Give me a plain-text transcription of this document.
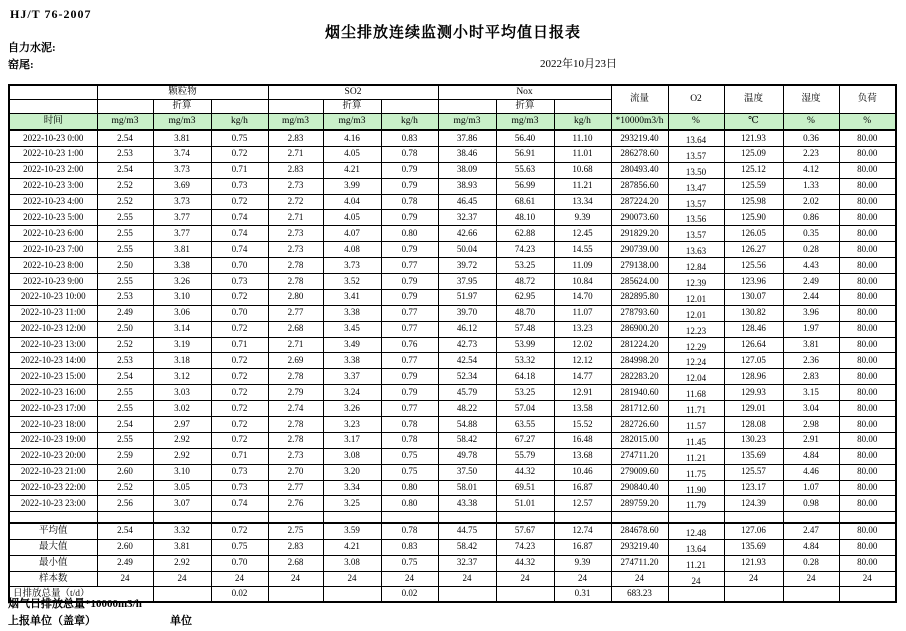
HJ/T 76-2007
烟尘排放连续监测小时平均值日报表
自力水泥:
窑尾:	2022年10月23日
	颗粒物			SO2			Nox			流量	O2	温度	湿度	负荷
		折算			折算			折算						
时间	mg/m3	mg/m3	kg/h	mg/m3	mg/m3	kg/h	mg/m3	mg/m3	kg/h	*10000m3/h	%	℃	%	%
2022-10-23 0:00	2.54	3.81	0.75	2.83	4.16	0.83	37.86	56.40	11.10	293219.40	13.64	121.93	0.36	80.00
2022-10-23 1:00	2.53	3.74	0.72	2.71	4.05	0.78	38.46	56.91	11.01	286278.60	13.57	125.09	2.23	80.00
2022-10-23 2:00	2.54	3.73	0.71	2.83	4.21	0.79	38.09	55.63	10.68	280493.40	13.50	125.12	4.12	80.00
2022-10-23 3:00	2.52	3.69	0.73	2.73	3.99	0.79	38.93	56.99	11.21	287856.60	13.47	125.59	1.33	80.00
2022-10-23 4:00	2.52	3.73	0.72	2.72	4.04	0.78	46.45	68.61	13.34	287224.20	13.57	125.98	2.02	80.00
2022-10-23 5:00	2.55	3.77	0.74	2.71	4.05	0.79	32.37	48.10	9.39	290073.60	13.56	125.90	0.86	80.00
2022-10-23 6:00	2.55	3.77	0.74	2.73	4.07	0.80	42.66	62.88	12.45	291829.20	13.57	126.05	0.35	80.00
2022-10-23 7:00	2.55	3.81	0.74	2.73	4.08	0.79	50.04	74.23	14.55	290739.00	13.63	126.27	0.28	80.00
2022-10-23 8:00	2.50	3.38	0.70	2.78	3.73	0.77	39.72	53.25	11.09	279138.00	12.84	125.56	4.43	80.00
2022-10-23 9:00	2.55	3.26	0.73	2.78	3.52	0.79	37.95	48.72	10.84	285624.00	12.39	123.96	2.49	80.00
2022-10-23 10:00	2.53	3.10	0.72	2.80	3.41	0.79	51.97	62.95	14.70	282895.80	12.01	130.07	2.44	80.00
2022-10-23 11:00	2.49	3.06	0.70	2.77	3.38	0.77	39.70	48.70	11.07	278793.60	12.01	130.82	3.96	80.00
2022-10-23 12:00	2.50	3.14	0.72	2.68	3.45	0.77	46.12	57.48	13.23	286900.20	12.23	128.46	1.97	80.00
2022-10-23 13:00	2.52	3.19	0.71	2.71	3.49	0.76	42.73	53.99	12.02	281224.20	12.29	126.64	3.81	80.00
2022-10-23 14:00	2.53	3.18	0.72	2.69	3.38	0.77	42.54	53.32	12.12	284998.20	12.24	127.05	2.36	80.00
2022-10-23 15:00	2.54	3.12	0.72	2.78	3.37	0.79	52.34	64.18	14.77	282283.20	12.04	128.96	2.83	80.00
2022-10-23 16:00	2.55	3.03	0.72	2.79	3.24	0.79	45.79	53.25	12.91	281940.60	11.68	129.93	3.15	80.00
2022-10-23 17:00	2.55	3.02	0.72	2.74	3.26	0.77	48.22	57.04	13.58	281712.60	11.71	129.01	3.04	80.00
2022-10-23 18:00	2.54	2.97	0.72	2.78	3.23	0.78	54.88	63.55	15.52	282726.60	11.57	128.08	2.98	80.00
2022-10-23 19:00	2.55	2.92	0.72	2.78	3.17	0.78	58.42	67.27	16.48	282015.00	11.45	130.23	2.91	80.00
2022-10-23 20:00	2.59	2.92	0.71	2.73	3.08	0.75	49.78	55.79	13.68	274711.20	11.21	135.69	4.84	80.00
2022-10-23 21:00	2.60	3.10	0.73	2.70	3.20	0.75	37.50	44.32	10.46	279009.60	11.75	125.57	4.46	80.00
2022-10-23 22:00	2.52	3.05	0.73	2.77	3.34	0.80	58.01	69.51	16.87	290840.40	11.90	123.17	1.07	80.00
2022-10-23 23:00	2.56	3.07	0.74	2.76	3.25	0.80	43.38	51.01	12.57	289759.20	11.79	124.39	0.98	80.00

平均值	2.54	3.32	0.72	2.75	3.59	0.78	44.75	57.67	12.74	284678.60	12.48	127.06	2.47	80.00
最大值	2.60	3.81	0.75	2.83	4.21	0.83	58.42	74.23	16.87	293219.40	13.64	135.69	4.84	80.00
最小值	2.49	2.92	0.70	2.68	3.08	0.75	32.37	44.32	9.39	274711.20	11.21	121.93	0.28	80.00
样本数	24	24	24	24	24	24	24	24	24	24	24	24	24	24
日排放总量（t/d）			0.02			0.02			0.31	683.23				
烟气日排放总量*10000m3/h
上报单位（盖章）	单位
